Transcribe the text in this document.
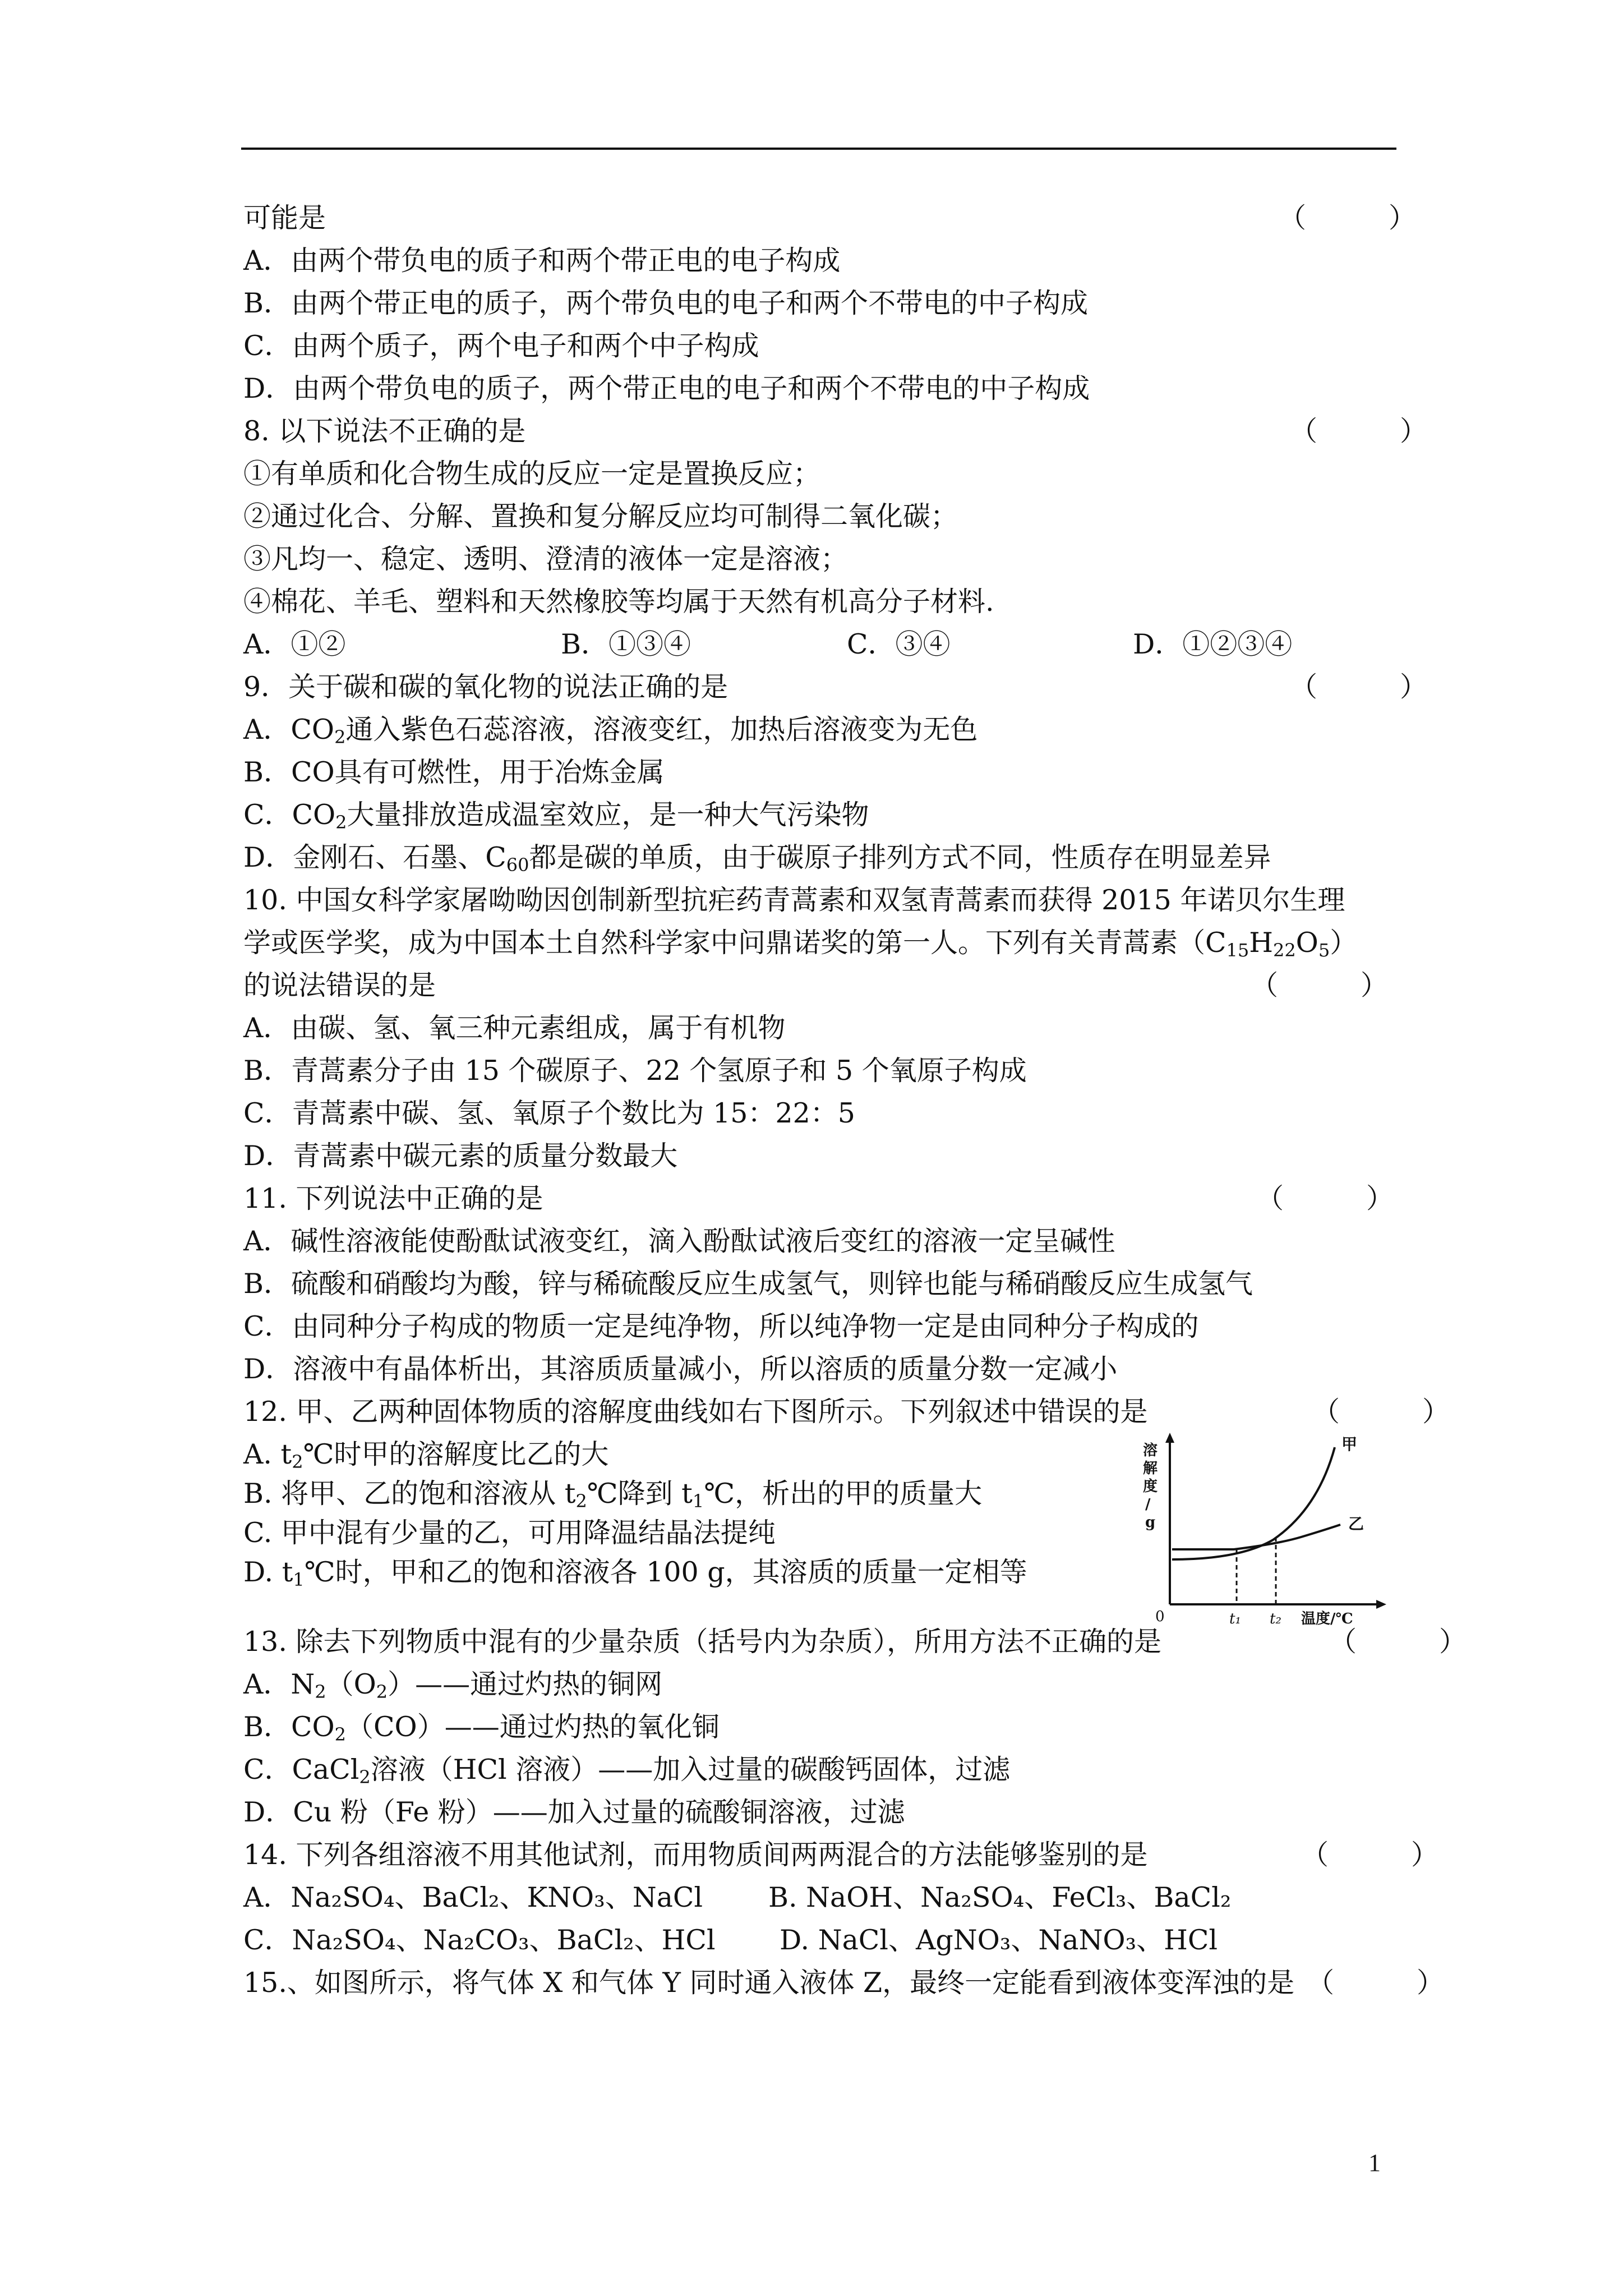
可能是	（　　　）
A．由两个带负电的质子和两个带正电的电子构成
B．由两个带正电的质子，两个带负电的电子和两个不带电的中子构成
C．由两个质子，两个电子和两个中子构成
D．由两个带负电的质子，两个带正电的电子和两个不带电的中子构成
8. 以下说法不正确的是	（　　　）
①有单质和化合物生成的反应一定是置换反应；
②通过化合、分解、置换和复分解反应均可制得二氧化碳；
③凡均一、稳定、透明、澄清的液体一定是溶液；
④棉花、羊毛、塑料和天然橡胶等均属于天然有机高分子材料.
A．①②	B．①③④	C．③④	D．①②③④
9．关于碳和碳的氧化物的说法正确的是	（　　　）
A．$CO_2$通入紫色石蕊溶液，溶液变红，加热后溶液变为无色
B．CO具有可燃性，用于冶炼金属
C．$CO_2$大量排放造成温室效应，是一种大气污染物
D．金刚石、石墨、$C_{60}$都是碳的单质，由于碳原子排列方式不同，性质存在明显差异
10. 中国女科学家屠呦呦因创制新型抗疟药青蒿素和双氢青蒿素而获得 2015 年诺贝尔生理
学或医学奖，成为中国本土自然科学家中问鼎诺奖的第一人。下列有关青蒿素$(C_{15}H_{22}O_5)$
的说法错误的是	（　　　）
A．由碳、氢、氧三种元素组成，属于有机物
B．青蒿素分子由 15 个碳原子、22 个氢原子和 5 个氧原子构成
C．青蒿素中碳、氢、氧原子个数比为 15：22：5
D．青蒿素中碳元素的质量分数最大
11. 下列说法中正确的是	（　　　）
A．碱性溶液能使酚酞试液变红，滴入酚酞试液后变红的溶液一定呈碱性
B．硫酸和硝酸均为酸，锌与稀硫酸反应生成氢气，则锌也能与稀硝酸反应生成氢气
C．由同种分子构成的物质一定是纯净物，所以纯净物一定是由同种分子构成的
D．溶液中有晶体析出，其溶质质量减小，所以溶质的质量分数一定减小
12. 甲、乙两种固体物质的溶解度曲线如右下图所示。下列叙述中错误的是	（　　　）
A. $t_2℃$时甲的溶解度比乙的大
B. 将甲、乙的饱和溶液从 $t_2℃$降到 $t_1℃$，析出的甲的质量大
C. 甲中混有少量的乙，可用降温结晶法提纯
D. $t_1℃$时，甲和乙的饱和溶液各 100 g，其溶质的质量一定相等
溶
解
度
/
g
甲
乙
0	t₁ t₂ 温度/℃
13. 除去下列物质中混有的少量杂质（括号内为杂质），所用方法不正确的是	（　　　）
A．$N_2(O_2)——$通过灼热的铜网
B．$CO_2(CO)——$通过灼热的氧化铜
C．CaCl$_2$溶液（HCl 溶液）——加入过量的碳酸钙固体，过滤
D．Cu 粉（Fe 粉）——加入过量的硫酸铜溶液，过滤
14. 下列各组溶液不用其他试剂，而用物质间两两混合的方法能够鉴别的是	（　　　）
A．Na₂SO₄、BaCl₂、KNO₃、NaCl B. NaOH、Na₂SO₄、FeCl₃、BaCl₂
C．Na₂SO₄、Na₂CO₃、BaCl₂、HCl D. NaCl、AgNO₃、NaNO₃、HCl
15.、如图所示，将气体 X 和气体 Y 同时通入液体 Z，最终一定能看到液体变浑浊的是 （　　　）
1
